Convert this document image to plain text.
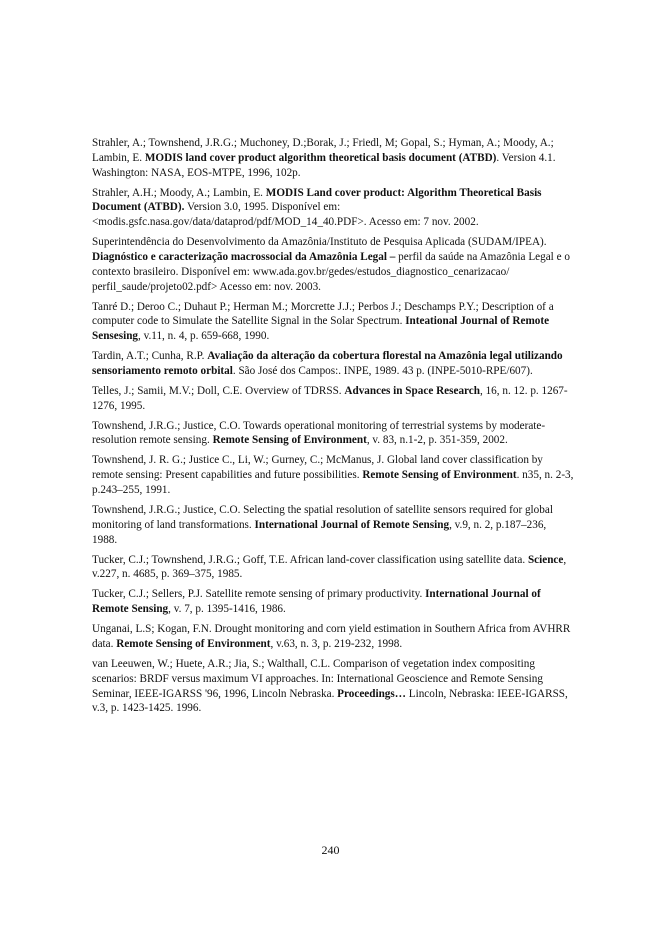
Strahler, A.; Townshend, J.R.G.; Muchoney, D.;Borak, J.; Friedl, M; Gopal, S.; Hyman, A.; Moody, A.; Lambin, E. MODIS land cover product algorithm theoretical basis document (ATBD). Version 4.1. Washington: NASA, EOS-MTPE, 1996, 102p.

Strahler, A.H.; Moody, A.; Lambin, E. MODIS Land cover product: Algorithm Theoretical Basis Document (ATBD). Version 3.0, 1995. Disponível em: <modis.gsfc.nasa.gov/data/dataprod/pdf/MOD_14_40.PDF>. Acesso em: 7 nov. 2002.

Superintendência do Desenvolvimento da Amazônia/Instituto de Pesquisa Aplicada (SUDAM/IPEA). Diagnóstico e caracterização macrossocial da Amazônia Legal – perfil da saúde na Amazônia Legal e o contexto brasileiro. Disponível em: www.ada.gov.br/gedes/estudos_diagnostico_cenarizacao/ perfil_saude/projeto02.pdf> Acesso em: nov. 2003.

Tanré D.; Deroo C.; Duhaut P.; Herman M.; Morcrette J.J.; Perbos J.; Deschamps P.Y.; Description of a computer code to Simulate the Satellite Signal in the Solar Spectrum. Inteational Journal of Remote Sensesing, v.11, n. 4, p. 659-668, 1990.

Tardin, A.T.; Cunha, R.P. Avaliação da alteração da cobertura florestal na Amazônia legal utilizando sensoriamento remoto orbital. São José dos Campos:. INPE, 1989. 43 p. (INPE-5010-RPE/607).

Telles, J.; Samii, M.V.; Doll, C.E. Overview of TDRSS. Advances in Space Research, 16, n. 12. p. 1267-1276, 1995.

Townshend, J.R.G.; Justice, C.O. Towards operational monitoring of terrestrial systems by moderate-resolution remote sensing. Remote Sensing of Environment, v. 83, n.1-2, p. 351-359, 2002.

Townshend, J. R. G.; Justice C., Li, W.; Gurney, C.; McManus, J. Global land cover classification by remote sensing: Present capabilities and future possibilities. Remote Sensing of Environment. n35, n. 2-3, p.243–255, 1991.

Townshend, J.R.G.; Justice, C.O. Selecting the spatial resolution of satellite sensors required for global monitoring of land transformations. International Journal of Remote Sensing, v.9, n. 2, p.187–236, 1988.

Tucker, C.J.; Townshend, J.R.G.; Goff, T.E. African land-cover classification using satellite data. Science, v.227, n. 4685, p. 369–375, 1985.

Tucker, C.J.; Sellers, P.J. Satellite remote sensing of primary productivity. International Journal of Remote Sensing, v. 7, p. 1395-1416, 1986.

Unganai, L.S; Kogan, F.N. Drought monitoring and corn yield estimation in Southern Africa from AVHRR data. Remote Sensing of Environment, v.63, n. 3, p. 219-232, 1998.

van Leeuwen, W.; Huete, A.R.; Jia, S.; Walthall, C.L. Comparison of vegetation index compositing scenarios: BRDF versus maximum VI approaches. In: International Geoscience and Remote Sensing Seminar, IEEE-IGARSS '96, 1996, Lincoln Nebraska. Proceedings… Lincoln, Nebraska: IEEE-IGARSS, v.3, p. 1423-1425. 1996.

240
